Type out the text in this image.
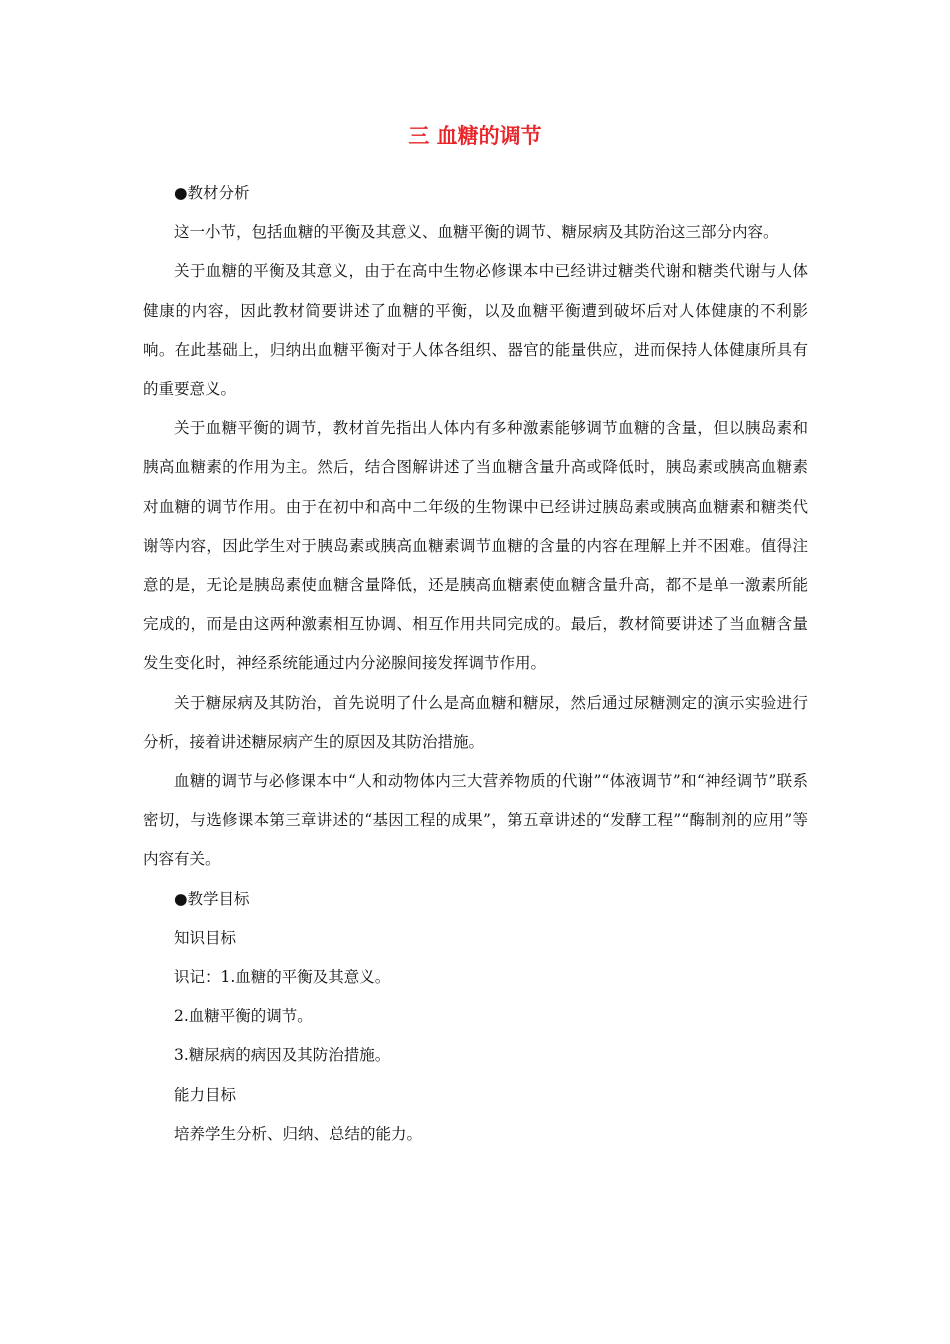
三 血糖的调节

●教材分析

这一小节，包括血糖的平衡及其意义、血糖平衡的调节、糖尿病及其防治这三部分内容。

关于血糖的平衡及其意义，由于在高中生物必修课本中已经讲过糖类代谢和糖类代谢与人体健康的内容，因此教材简要讲述了血糖的平衡，以及血糖平衡遭到破坏后对人体健康的不利影响。在此基础上，归纳出血糖平衡对于人体各组织、器官的能量供应，进而保持人体健康所具有的重要意义。

关于血糖平衡的调节，教材首先指出人体内有多种激素能够调节血糖的含量，但以胰岛素和胰高血糖素的作用为主。然后，结合图解讲述了当血糖含量升高或降低时，胰岛素或胰高血糖素对血糖的调节作用。由于在初中和高中二年级的生物课中已经讲过胰岛素或胰高血糖素和糖类代谢等内容，因此学生对于胰岛素或胰高血糖素调节血糖的含量的内容在理解上并不困难。值得注意的是，无论是胰岛素使血糖含量降低，还是胰高血糖素使血糖含量升高，都不是单一激素所能完成的，而是由这两种激素相互协调、相互作用共同完成的。最后，教材简要讲述了当血糖含量发生变化时，神经系统能通过内分泌腺间接发挥调节作用。

关于糖尿病及其防治，首先说明了什么是高血糖和糖尿，然后通过尿糖测定的演示实验进行分析，接着讲述糖尿病产生的原因及其防治措施。

血糖的调节与必修课本中“人和动物体内三大营养物质的代谢”“体液调节”和“神经调节”联系密切，与选修课本第三章讲述的“基因工程的成果”，第五章讲述的“发酵工程”“酶制剂的应用”等内容有关。

●教学目标

知识目标

识记：1.血糖的平衡及其意义。

2.血糖平衡的调节。

3.糖尿病的病因及其防治措施。

能力目标

培养学生分析、归纳、总结的能力。
